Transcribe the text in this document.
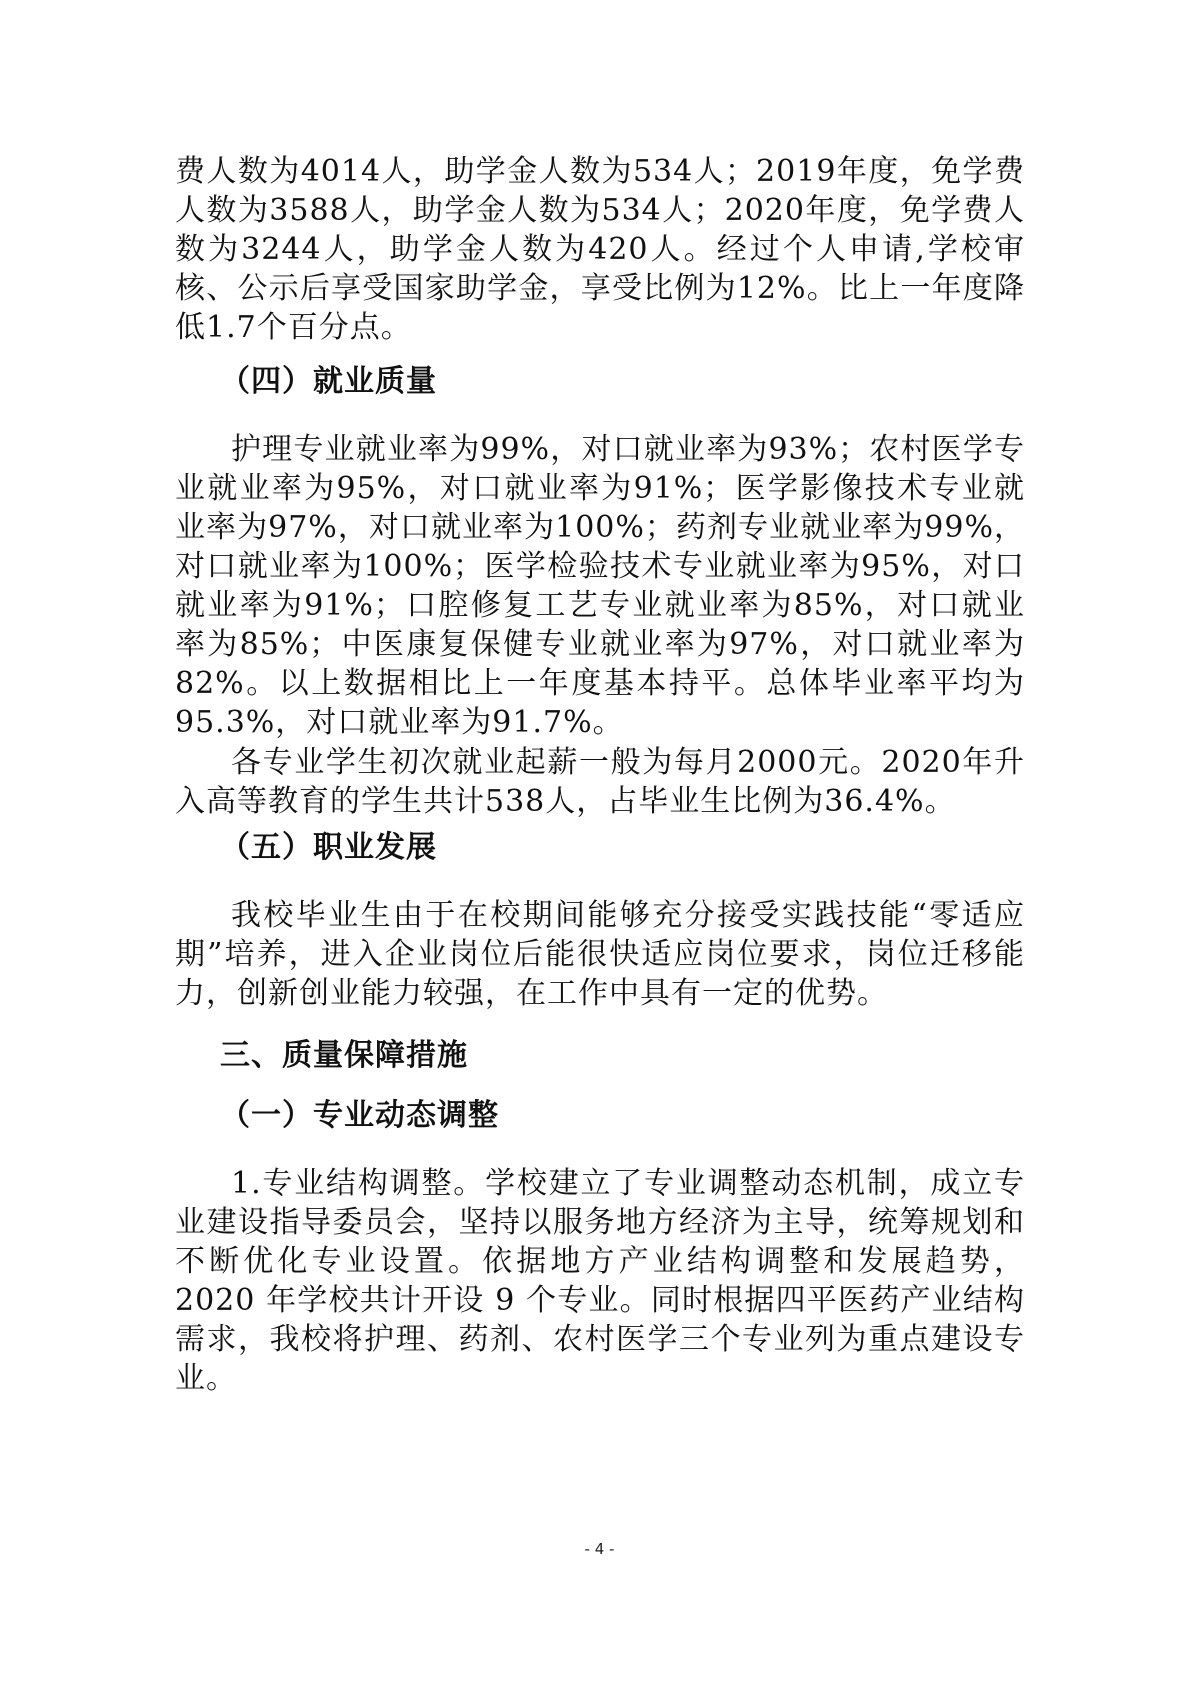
费人数为4014人，助学金人数为534人；2019年度，免学费人数为3588人，助学金人数为534人；2020年度，免学费人数为3244人，助学金人数为420人。经过个人申请,学校审核、公示后享受国家助学金，享受比例为12%。比上一年度降低1.7个百分点。

（四）就业质量

护理专业就业率为99%，对口就业率为93%；农村医学专业就业率为95%，对口就业率为91%；医学影像技术专业就业率为97%，对口就业率为100%；药剂专业就业率为99%，对口就业率为100%；医学检验技术专业就业率为95%，对口就业率为91%；口腔修复工艺专业就业率为85%，对口就业率为85%；中医康复保健专业就业率为97%，对口就业率为82%。以上数据相比上一年度基本持平。总体毕业率平均为95.3%，对口就业率为91.7%。

各专业学生初次就业起薪一般为每月2000元。2020年升入高等教育的学生共计538人，占毕业生比例为36.4%。

（五）职业发展

我校毕业生由于在校期间能够充分接受实践技能“零适应期”培养，进入企业岗位后能很快适应岗位要求，岗位迁移能力，创新创业能力较强，在工作中具有一定的优势。

三、质量保障措施
（一）专业动态调整

1.专业结构调整。学校建立了专业调整动态机制，成立专业建设指导委员会，坚持以服务地方经济为主导，统筹规划和不断优化专业设置。依据地方产业结构调整和发展趋势，2020 年学校共计开设 9 个专业。同时根据四平医药产业结构需求，我校将护理、药剂、农村医学三个专业列为重点建设专业。

- 4 -
